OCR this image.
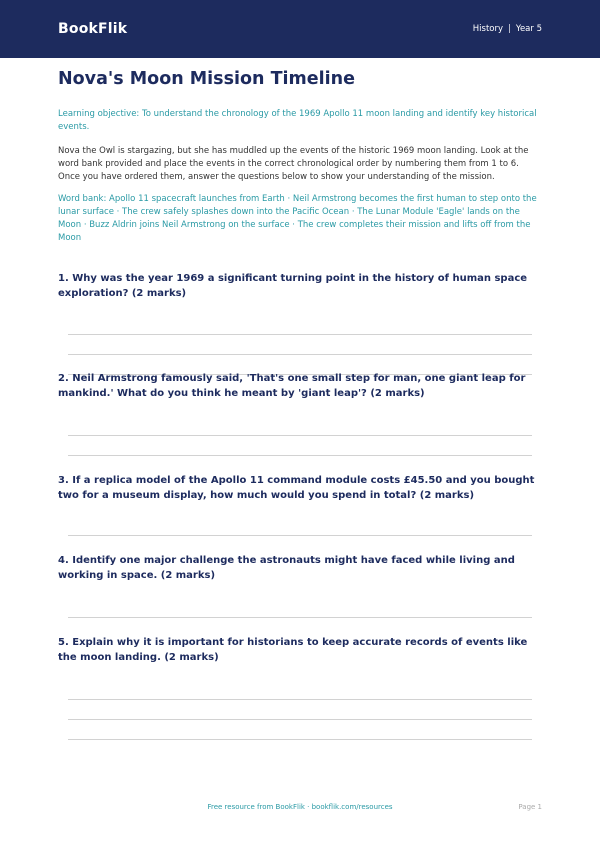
BookFlik	History | Year 5
Nova's Moon Mission Timeline

Learning objective: To understand the chronology of the 1969 Apollo 11 moon landing and identify key historical events.

Nova the Owl is stargazing, but she has muddled up the events of the historic 1969 moon landing. Look at the word bank provided and place the events in the correct chronological order by numbering them from 1 to 6. Once you have ordered them, answer the questions below to show your understanding of the mission.

Word bank: Apollo 11 spacecraft launches from Earth · Neil Armstrong becomes the first human to step onto the lunar surface · The crew safely splashes down into the Pacific Ocean · The Lunar Module 'Eagle' lands on the Moon · Buzz Aldrin joins Neil Armstrong on the surface · The crew completes their mission and lifts off from the Moon

1. Why was the year 1969 a significant turning point in the history of human space exploration? (2 marks)

2. Neil Armstrong famously said, 'That's one small step for man, one giant leap for mankind.' What do you think he meant by 'giant leap'? (2 marks)

3. If a replica model of the Apollo 11 command module costs £45.50 and you bought two for a museum display, how much would you spend in total? (2 marks)

4. Identify one major challenge the astronauts might have faced while living and working in space. (2 marks)

5. Explain why it is important for historians to keep accurate records of events like the moon landing. (2 marks)

Free resource from BookFlik · bookflik.com/resources	Page 1
